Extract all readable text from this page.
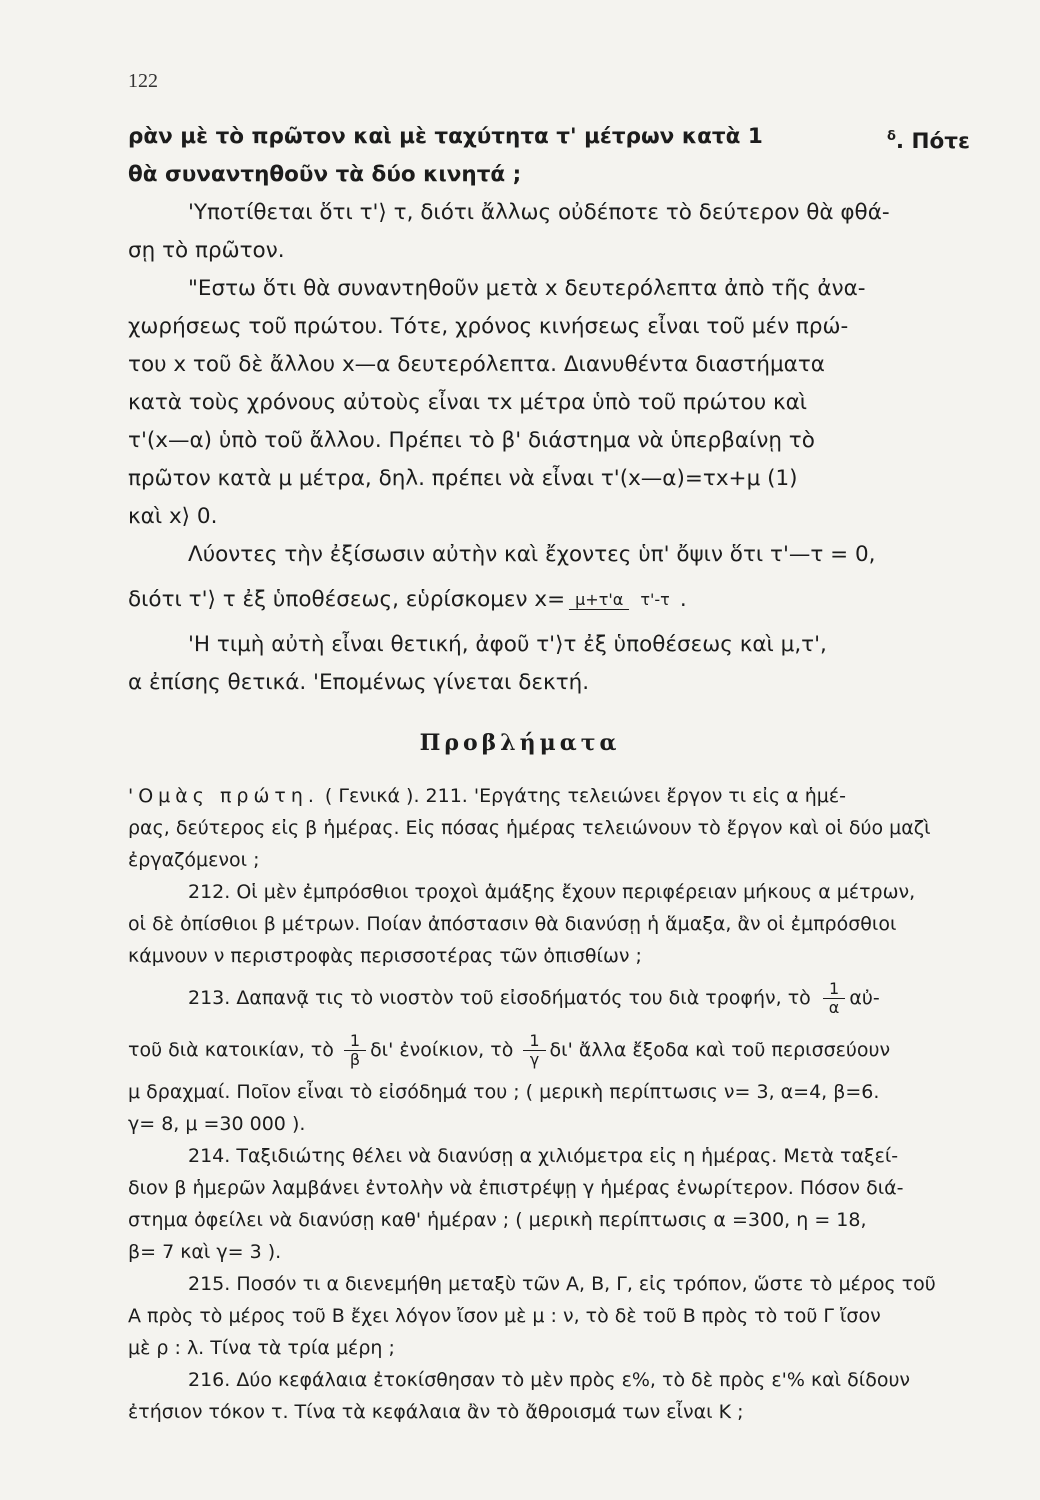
122
ρὰν μὲ τὸ πρῶτον καὶ μὲ ταχύτητα τ' μέτρων κατὰ 1	δ. Πότε
θὰ συναντηθοῦν τὰ δύο κινητά ;
'Υποτίθεται ὅτι τ'⟩ τ, διότι ἄλλως οὐδέποτε τὸ δεύτερον θὰ φθά-
σῃ τὸ πρῶτον.
"Εστω ὅτι θὰ συναντηθοῦν μετὰ x δευτερόλεπτα ἀπὸ τῆς ἀνα-
χωρήσεως τοῦ πρώτου. Τότε, χρόνος κινήσεως εἶναι τοῦ μέν πρώ-
του x τοῦ δὲ ἄλλου x—α δευτερόλεπτα. Διανυθέντα διαστήματα
κατὰ τοὺς χρόνους αὐτοὺς εἶναι τx μέτρα ὑπὸ τοῦ πρώτου καὶ
τ'(x—α) ὑπὸ τοῦ ἄλλου. Πρέπει τὸ β' διάστημα νὰ ὑπερβαίνῃ τὸ
πρῶτον κατὰ μ μέτρα, δηλ. πρέπει νὰ εἶναι τ'(x—α)=τx+μ (1)
καὶ x⟩ 0.
Λύοντες τὴν ἐξίσωσιν αὐτὴν καὶ ἔχοντες ὑπ' ὄψιν ὅτι τ'—τ = 0,
διότι τ'⟩ τ ἐξ ὑποθέσεως, εὑρίσκομεν x= μ+τ'α τ'-τ .
'Η τιμὴ αὐτὴ εἶναι θετική, ἀφοῦ τ'⟩τ ἐξ ὑποθέσεως καὶ μ,τ',
α ἐπίσης θετικά. 'Επομένως γίνεται δεκτή.
Προβλήματα
'Ομὰς πρώτη. ( Γενικά ). 211. 'Εργάτης τελειώνει ἔργον τι εἰς α ἡμέ-
ρας, δεύτερος εἰς β ἡμέρας. Εἰς πόσας ἡμέρας τελειώνουν τὸ ἔργον καὶ οἱ δύο μαζὶ
ἐργαζόμενοι ;
212. Οἱ μὲν ἐμπρόσθιοι τροχοὶ ἁμάξης ἔχουν περιφέρειαν μήκους α μέτρων,
οἱ δὲ ὀπίσθιοι β μέτρων. Ποίαν ἀπόστασιν θὰ διανύσῃ ἡ ἅμαξα, ἂν οἱ ἐμπρόσθιοι
κάμνουν ν περιστροφὰς περισσοτέρας τῶν ὀπισθίων ;
213. Δαπανᾷ τις τὸ νιοστὸν τοῦ εἰσοδήματός του διὰ τροφήν, τὸ $\frac{1}{\alpha}$ αὐ-
τοῦ διὰ κατοικίαν, τὸ $\frac{1}{\beta} \delta\iota'$ ἐνοίκιον, τὸ $\frac{1}{\gamma} \delta\iota'$ ἄλλα ἔξοδα καὶ τοῦ περισσεύουν
μ δραχμαί. Ποῖον εἶναι τὸ εἰσόδημά του ; ( μερικὴ περίπτωσις ν= 3, α=4, β=6.
γ= 8, μ =30 000 ).
214. Ταξιδιώτης θέλει νὰ διανύσῃ α χιλιόμετρα εἰς η ἡμέρας. Μετὰ ταξεί-
διον β ἡμερῶν λαμβάνει ἐντολὴν νὰ ἐπιστρέψῃ γ ἡμέρας ἐνωρίτερον. Πόσον διά-
στημα ὀφείλει νὰ διανύσῃ καθ' ἡμέραν ; ( μερικὴ περίπτωσις α =300, η = 18,
β= 7 καὶ γ= 3 ).
215. Ποσόν τι α διενεμήθη μεταξὺ τῶν Α, Β, Γ, εἰς τρόπον, ὥστε τὸ μέρος τοῦ
Α πρὸς τὸ μέρος τοῦ Β ἔχει λόγον ἴσον μὲ μ : ν, τὸ δὲ τοῦ Β πρὸς τὸ τοῦ Γ ἴσον
μὲ ρ : λ. Τίνα τὰ τρία μέρη ;
216. Δύο κεφάλαια ἐτοκίσθησαν τὸ μὲν πρὸς ε%, τὸ δὲ πρὸς ε'% καὶ δίδουν
ἐτήσιον τόκον τ. Τίνα τὰ κεφάλαια ἂν τὸ ἄθροισμά των εἶναι Κ ;
